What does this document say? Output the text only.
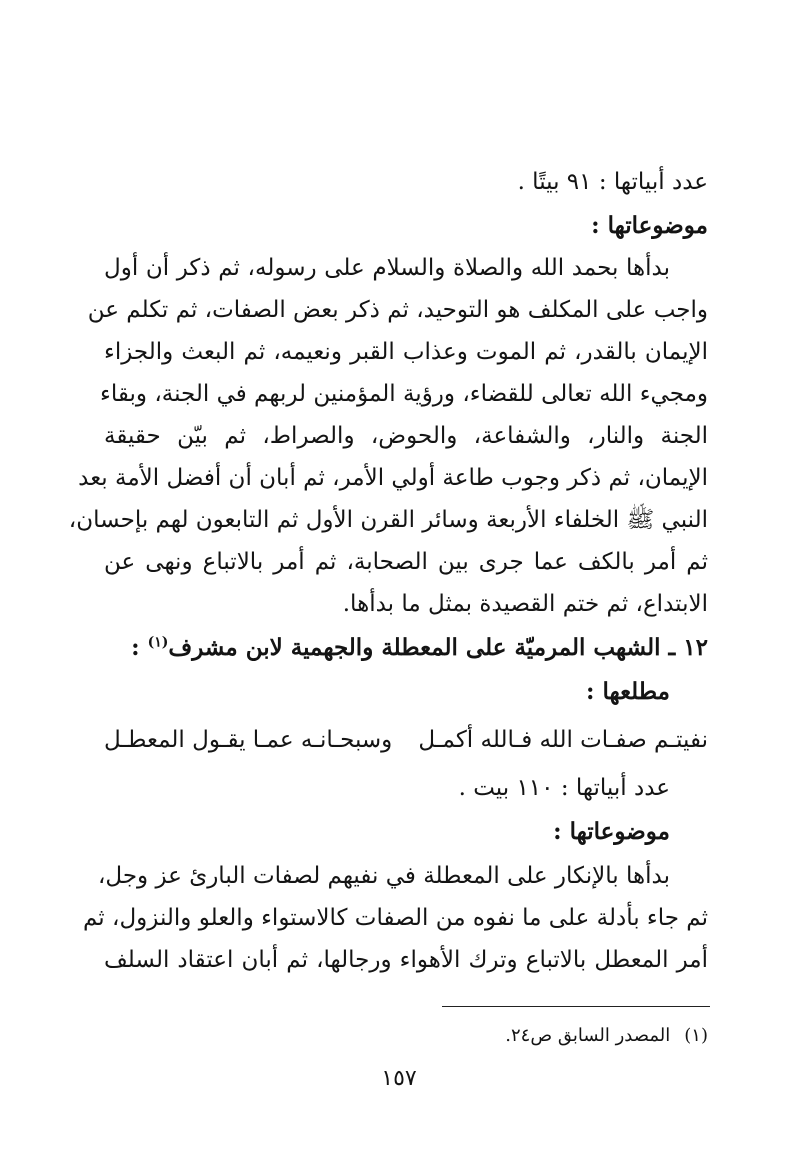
عدد أبياتها : ٩١ بيتًا .
موضوعاتها :
بدأها بحمد الله والصلاة والسلام على رسوله، ثم ذكر أن أول
واجب على المكلف هو التوحيد، ثم ذكر بعض الصفات، ثم تكلم عن
الإيمان بالقدر، ثم الموت وعذاب القبر ونعيمه، ثم البعث والجزاء
ومجيء الله تعالى للقضاء، ورؤية المؤمنين لربهم في الجنة، وبقاء
الجنة والنار، والشفاعة، والحوض، والصراط، ثم بيّن حقيقة
الإيمان، ثم ذكر وجوب طاعة أولي الأمر، ثم أبان أن أفضل الأمة بعد
النبي ﷺ الخلفاء الأربعة وسائر القرن الأول ثم التابعون لهم بإحسان،
ثم أمر بالكف عما جرى بين الصحابة، ثم أمر بالاتباع ونهى عن
الابتداع، ثم ختم القصيدة بمثل ما بدأها.
١٢ ـ الشهب المرميّة على المعطلة والجهمية لابن مشرف$^{(١)}$ :
مطلعها :
نفيتـم صفـات الله فـالله أكمـل
وسبحـانـه عمـا يقـول المعطـل
عدد أبياتها : ١١٠ بيت .
موضوعاتها :
بدأها بالإنكار على المعطلة في نفيهم لصفات البارئ عز وجل،
ثم جاء بأدلة على ما نفوه من الصفات كالاستواء والعلو والنزول، ثم
أمر المعطل بالاتباع وترك الأهواء ورجالها، ثم أبان اعتقاد السلف
(١)المصدر السابق ص٢٤.
١٥٧
